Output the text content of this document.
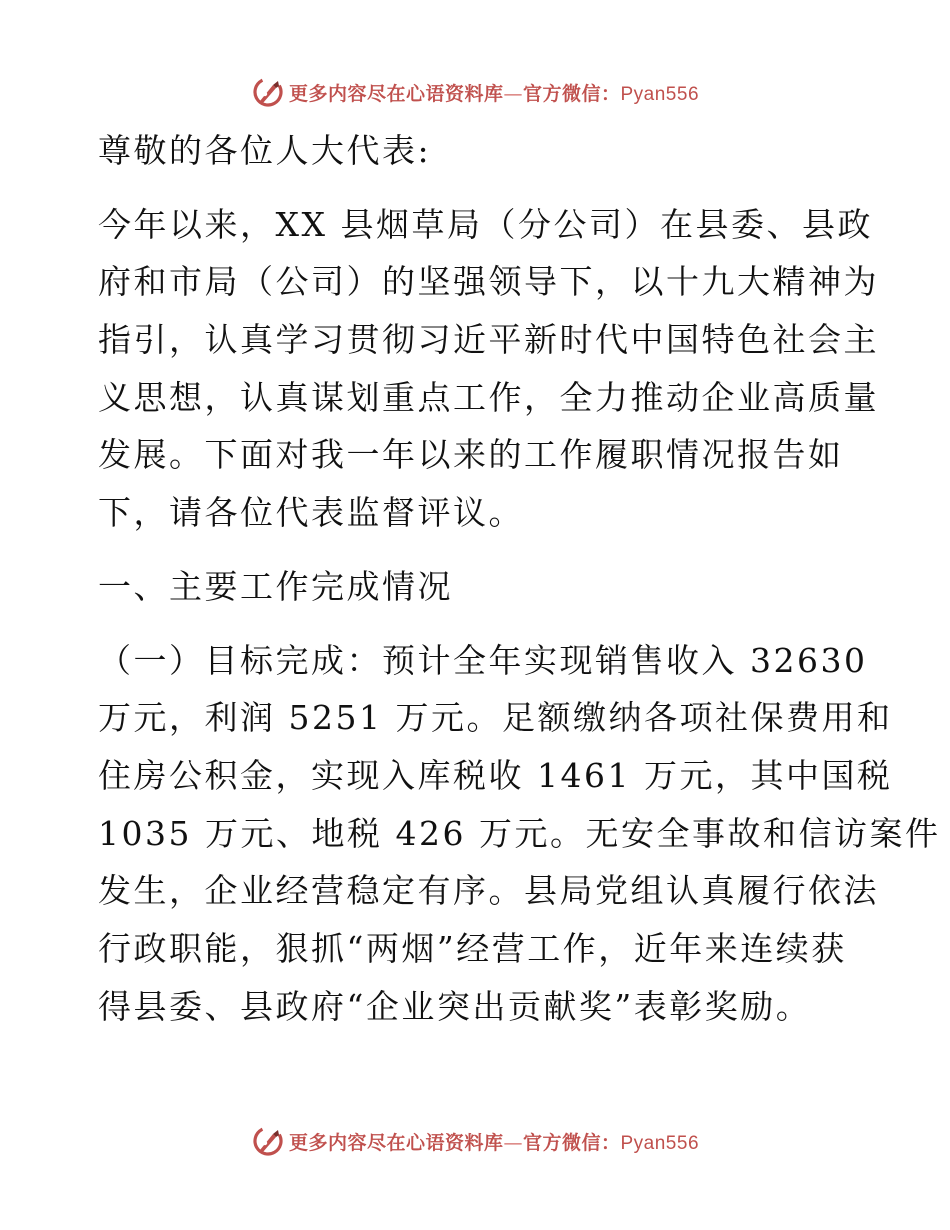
更多内容尽在心语资料库—官方微信：Pyan556

尊敬的各位人大代表:

今年以来，XX 县烟草局（分公司）在县委、县政

府和市局（公司）的坚强领导下，以十九大精神为

指引，认真学习贯彻习近平新时代中国特色社会主

义思想，认真谋划重点工作，全力推动企业高质量

发展。下面对我一年以来的工作履职情况报告如

下，请各位代表监督评议。

一、主要工作完成情况

（一）目标完成：预计全年实现销售收入 32630

万元，利润 5251 万元。足额缴纳各项社保费用和

住房公积金，实现入库税收 1461 万元，其中国税

1035 万元、地税 426 万元。无安全事故和信访案件

发生，企业经营稳定有序。县局党组认真履行依法

行政职能，狠抓“两烟”经营工作，近年来连续获

得县委、县政府“企业突出贡献奖”表彰奖励。

更多内容尽在心语资料库—官方微信：Pyan556
